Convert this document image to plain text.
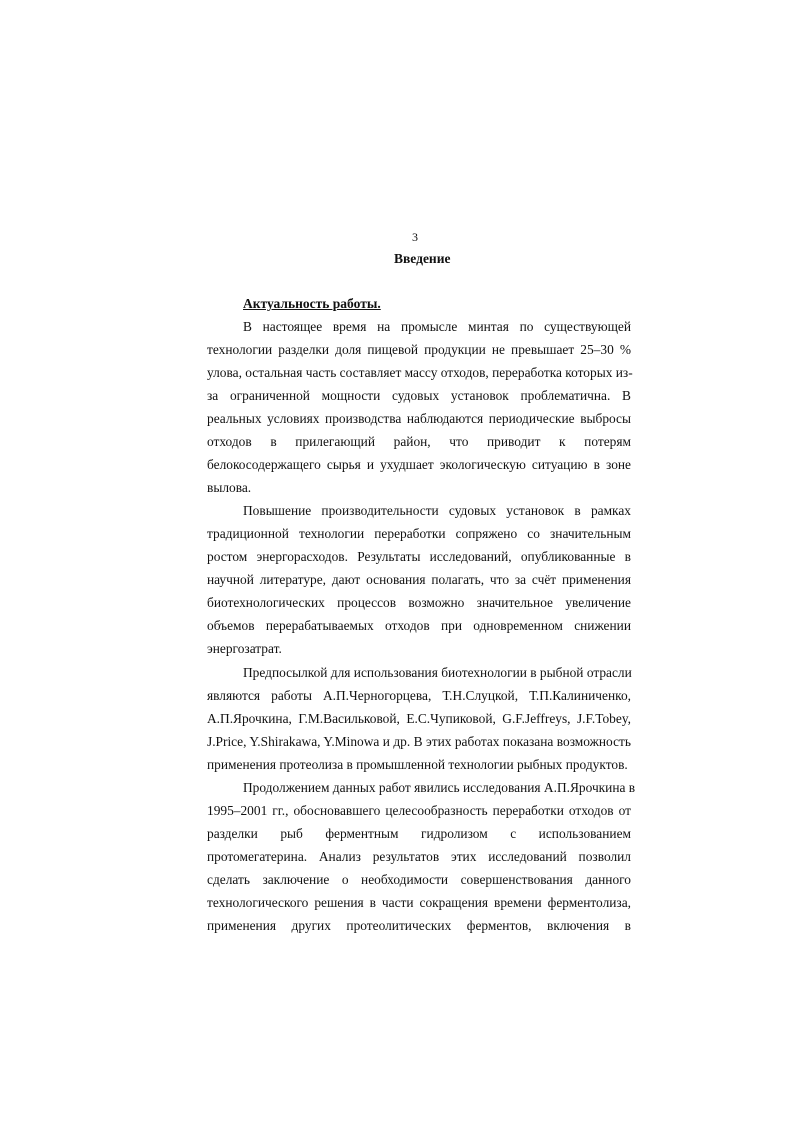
3
Введение
Актуальность работы.
В настоящее время на промысле минтая по существующей
технологии разделки доля пищевой продукции не превышает 25–30 %
улова, остальная часть составляет массу отходов, переработка которых из-
за ограниченной мощности судовых установок проблематична. В
реальных условиях производства наблюдаются периодические выбросы
отходов в прилегающий район, что приводит к потерям
белокосодержащего сырья и ухудшает экологическую ситуацию в зоне
вылова.
Повышение производительности судовых установок в рамках
традиционной технологии переработки сопряжено со значительным
ростом энергорасходов. Результаты исследований, опубликованные в
научной литературе, дают основания полагать, что за счёт применения
биотехнологических процессов возможно значительное увеличение
объемов перерабатываемых отходов при одновременном снижении
энергозатрат.
Предпосылкой для использования биотехнологии в рыбной отрасли
являются работы А.П.Черногорцева, Т.Н.Слуцкой, Т.П.Калиниченко,
А.П.Ярочкина, Г.М.Васильковой, Е.С.Чупиковой, G.F.Jeffreys, J.F.Tobey,
J.Price, Y.Shirakawa, Y.Minowa и др. В этих работах показана возможность
применения протеолиза в промышленной технологии рыбных продуктов.
Продолжением данных работ явились исследования А.П.Ярочкина в
1995–2001 гг., обосновавшего целесообразность переработки отходов от
разделки рыб ферментным гидролизом с использованием
протомегатерина. Анализ результатов этих исследований позволил
сделать заключение о необходимости совершенствования данного
технологического решения в части сокращения времени ферментолиза,
применения других протеолитических ферментов, включения в
